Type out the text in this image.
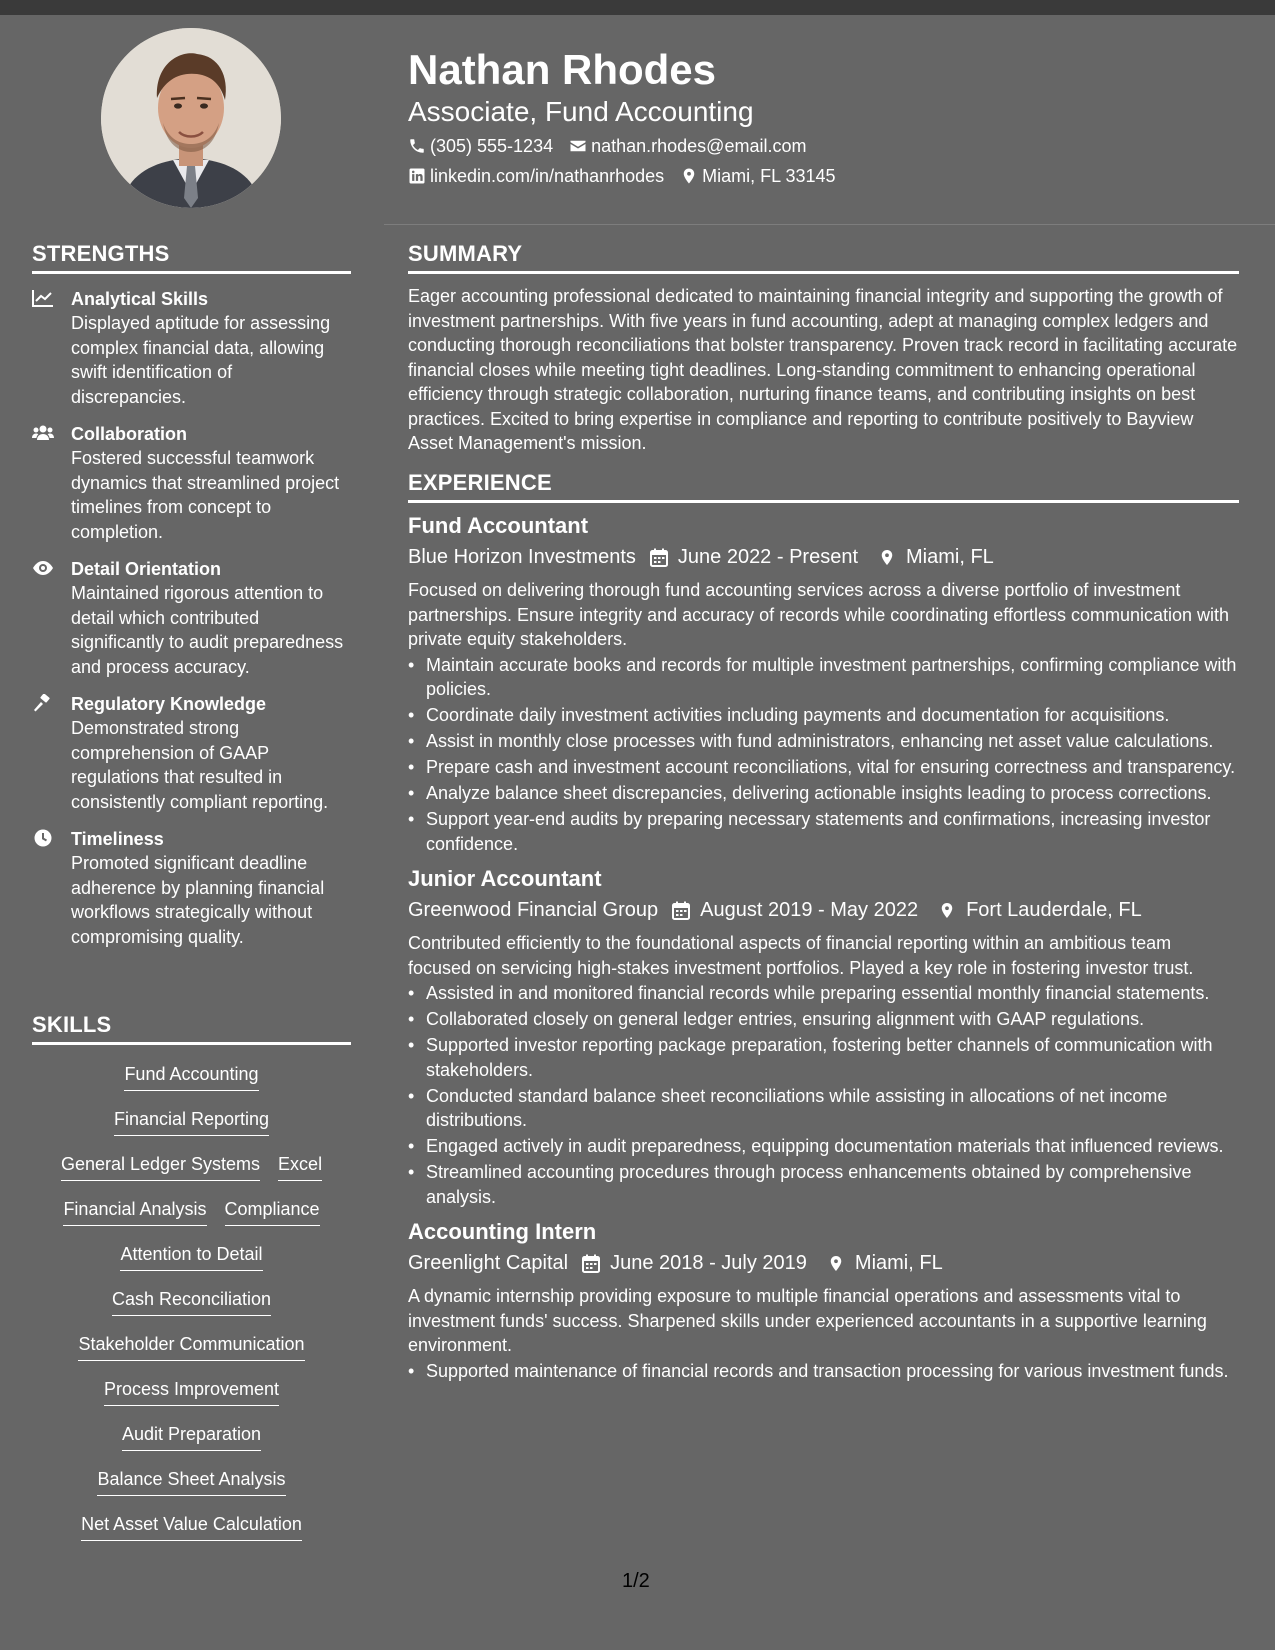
Nathan Rhodes
Associate, Fund Accounting
(305) 555-1234 nathan.rhodes@email.com
linkedin.com/in/nathanrhodes Miami, FL 33145
STRENGTHS
Analytical Skills
Displayed aptitude for assessing complex financial data, allowing swift identification of discrepancies.
Collaboration
Fostered successful teamwork dynamics that streamlined project timelines from concept to completion.
Detail Orientation
Maintained rigorous attention to detail which contributed significantly to audit preparedness and process accuracy.
Regulatory Knowledge
Demonstrated strong comprehension of GAAP regulations that resulted in consistently compliant reporting.
Timeliness
Promoted significant deadline adherence by planning financial workflows strategically without compromising quality.
SKILLS
Fund Accounting
Financial Reporting
General Ledger Systems Excel
Financial Analysis Compliance
Attention to Detail
Cash Reconciliation
Stakeholder Communication
Process Improvement
Audit Preparation
Balance Sheet Analysis
Net Asset Value Calculation
SUMMARY
Eager accounting professional dedicated to maintaining financial integrity and supporting the growth of investment partnerships. With five years in fund accounting, adept at managing complex ledgers and conducting thorough reconciliations that bolster transparency. Proven track record in facilitating accurate financial closes while meeting tight deadlines. Long-standing commitment to enhancing operational efficiency through strategic collaboration, nurturing finance teams, and contributing insights on best practices. Excited to bring expertise in compliance and reporting to contribute positively to Bayview Asset Management's mission.
EXPERIENCE
Fund Accountant
Blue Horizon Investments June 2022 - Present Miami, FL
Focused on delivering thorough fund accounting services across a diverse portfolio of investment partnerships. Ensure integrity and accuracy of records while coordinating effortless communication with private equity stakeholders.
• Maintain accurate books and records for multiple investment partnerships, confirming compliance with policies.
• Coordinate daily investment activities including payments and documentation for acquisitions.
• Assist in monthly close processes with fund administrators, enhancing net asset value calculations.
• Prepare cash and investment account reconciliations, vital for ensuring correctness and transparency.
• Analyze balance sheet discrepancies, delivering actionable insights leading to process corrections.
• Support year-end audits by preparing necessary statements and confirmations, increasing investor confidence.
Junior Accountant
Greenwood Financial Group August 2019 - May 2022 Fort Lauderdale, FL
Contributed efficiently to the foundational aspects of financial reporting within an ambitious team focused on servicing high-stakes investment portfolios. Played a key role in fostering investor trust.
• Assisted in and monitored financial records while preparing essential monthly financial statements.
• Collaborated closely on general ledger entries, ensuring alignment with GAAP regulations.
• Supported investor reporting package preparation, fostering better channels of communication with stakeholders.
• Conducted standard balance sheet reconciliations while assisting in allocations of net income distributions.
• Engaged actively in audit preparedness, equipping documentation materials that influenced reviews.
• Streamlined accounting procedures through process enhancements obtained by comprehensive analysis.
Accounting Intern
Greenlight Capital June 2018 - July 2019 Miami, FL
A dynamic internship providing exposure to multiple financial operations and assessments vital to investment funds' success. Sharpened skills under experienced accountants in a supportive learning environment.
• Supported maintenance of financial records and transaction processing for various investment funds.
1/2
